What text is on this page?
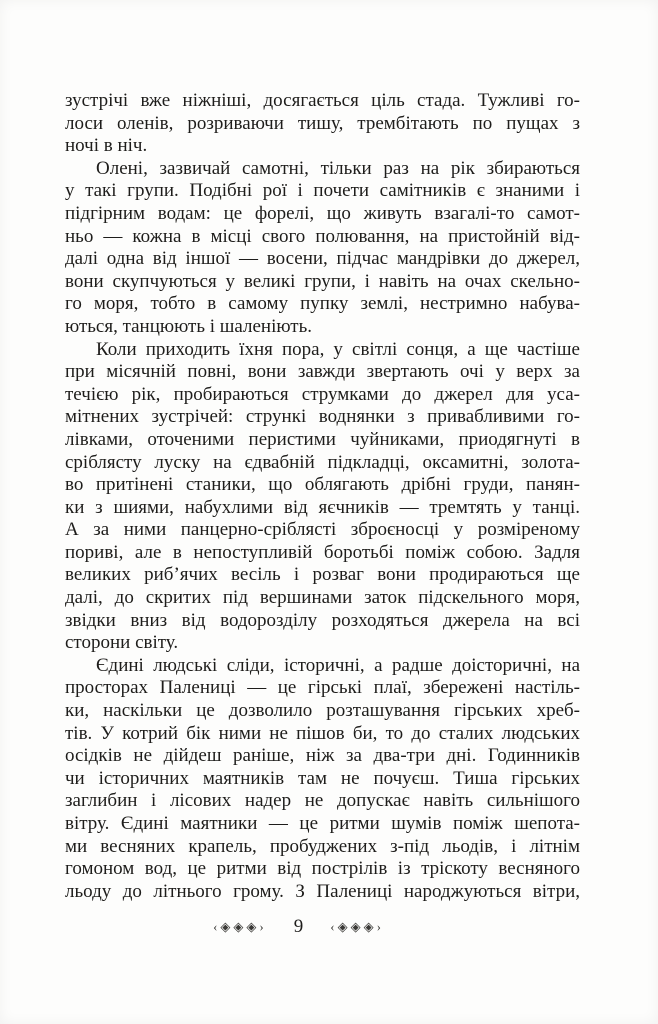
зустрічі вже ніжніші, досягається ціль стада. Тужливі го-
лоси оленів, розриваючи тишу, трембітають по пущах з
ночі в ніч.
Олені, зазвичай самотні, тільки раз на рік збираються
у такі групи. Подібні рої і почети самітників є знаними і
підгірним водам: це форелі, що живуть взагалі-то самот-
ньо — кожна в місці свого полювання, на пристойній від-
далі одна від іншої — восени, підчас мандрівки до джерел,
вони скупчуються у великі групи, і навіть на очах скельно-
го моря, тобто в самому пупку землі, нестримно набува-
ються, танцюють і шаленіють.
Коли приходить їхня пора, у світлі сонця, а ще частіше
при місячній повні, вони завжди звертають очі у верх за
течією рік, пробираються струмками до джерел для уса-
мітнених зустрічей: стрункі воднянки з привабливими го-
лівками, оточеними перистими чуйниками, приодягнуті в
сріблясту луску на єдвабній підкладці, оксамитні, золота-
во притінені станики, що облягають дрібні груди, панян-
ки з шиями, набухлими від яєчників — тремтять у танці.
А за ними панцерно-сріблясті зброєносці у розміреному
пориві, але в непоступливій боротьбі поміж собою. Задля
великих риб’ячих весіль і розваг вони продираються ще
далі, до скритих під вершинами заток підскельного моря,
звідки вниз від водорозділу розходяться джерела на всі
сторони світу.
Єдині людські сліди, історичні, а радше доісторичні, на
просторах Палениці — це гірські плаї, збережені настіль-
ки, наскільки це дозволило розташування гірських хреб-
тів. У котрий бік ними не пішов би, то до сталих людських
осідків не дійдеш раніше, ніж за два-три дні. Годинників
чи історичних маятників там не почуєш. Тиша гірських
заглибин і лісових надер не допускає навіть сильнішого
вітру. Єдині маятники — це ритми шумів поміж шепота-
ми весняних крапель, пробуджених з-під льодів, і літнім
гомоном вод, це ритми від пострілів із тріскоту весняного
льоду до літнього грому. З Палениці народжуються вітри,
‹◈◈◈› 9 ‹◈◈◈›
